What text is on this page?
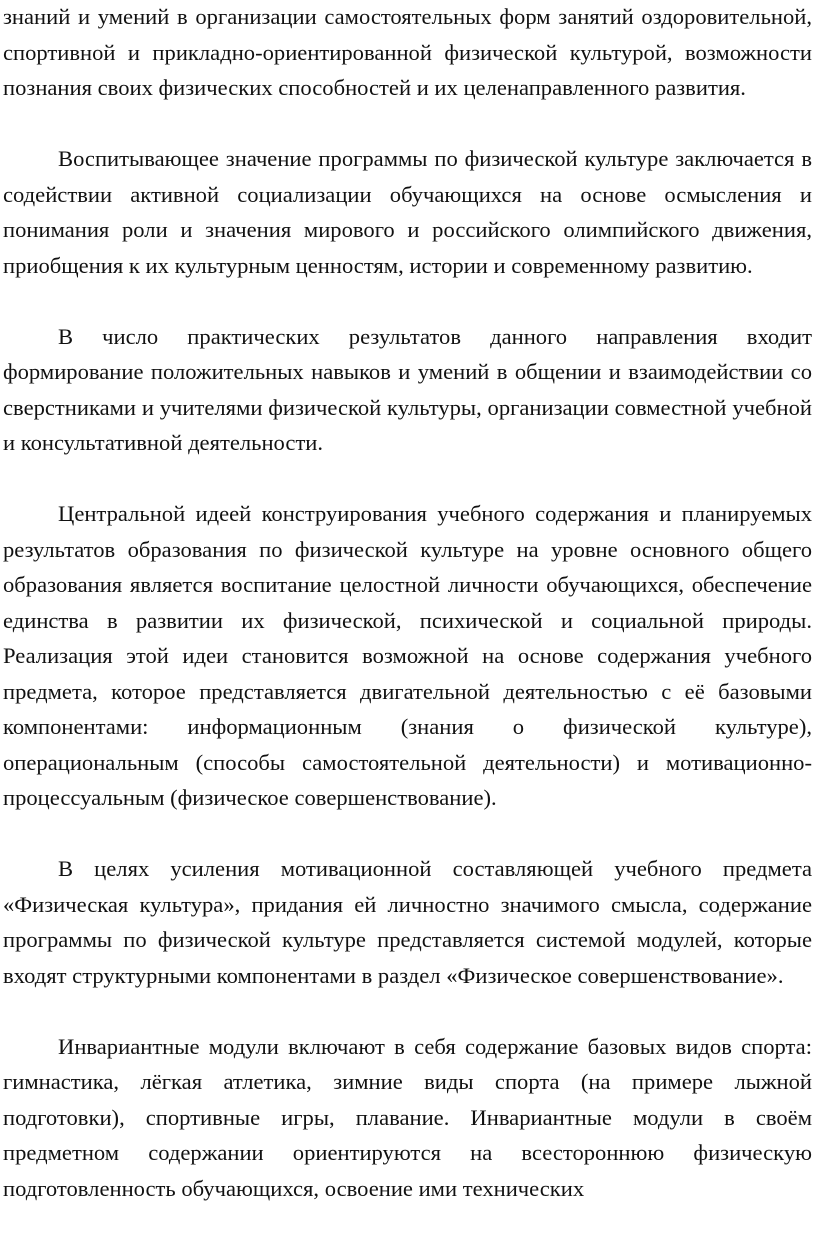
знаний и умений в организации самостоятельных форм занятий оздоровительной, спортивной и прикладно-ориентированной физической культурой, возможности познания своих физических способностей и их целенаправленного развития.

Воспитывающее значение программы по физической культуре заключается в содействии активной социализации обучающихся на основе осмысления и понимания роли и значения мирового и российского олимпийского движения, приобщения к их культурным ценностям, истории и современному развитию.

В число практических результатов данного направления входит формирование положительных навыков и умений в общении и взаимодействии со сверстниками и учителями физической культуры, организации совместной учебной и консультативной деятельности.

Центральной идеей конструирования учебного содержания и планируемых результатов образования по физической культуре на уровне основного общего образования является воспитание целостной личности обучающихся, обеспечение единства в развитии их физической, психической и социальной природы. Реализация этой идеи становится возможной на основе содержания учебного предмета, которое представляется двигательной деятельностью с её базовыми компонентами: информационным (знания о физической культуре), операциональным (способы самостоятельной деятельности) и мотивационно-процессуальным (физическое совершенствование).

В целях усиления мотивационной составляющей учебного предмета «Физическая культура», придания ей личностно значимого смысла, содержание программы по физической культуре представляется системой модулей, которые входят структурными компонентами в раздел «Физическое совершенствование».

Инвариантные модули включают в себя содержание базовых видов спорта: гимнастика, лёгкая атлетика, зимние виды спорта (на примере лыжной подготовки), спортивные игры, плавание. Инвариантные модули в своём предметном содержании ориентируются на всестороннюю физическую подготовленность обучающихся, освоение ими технических
